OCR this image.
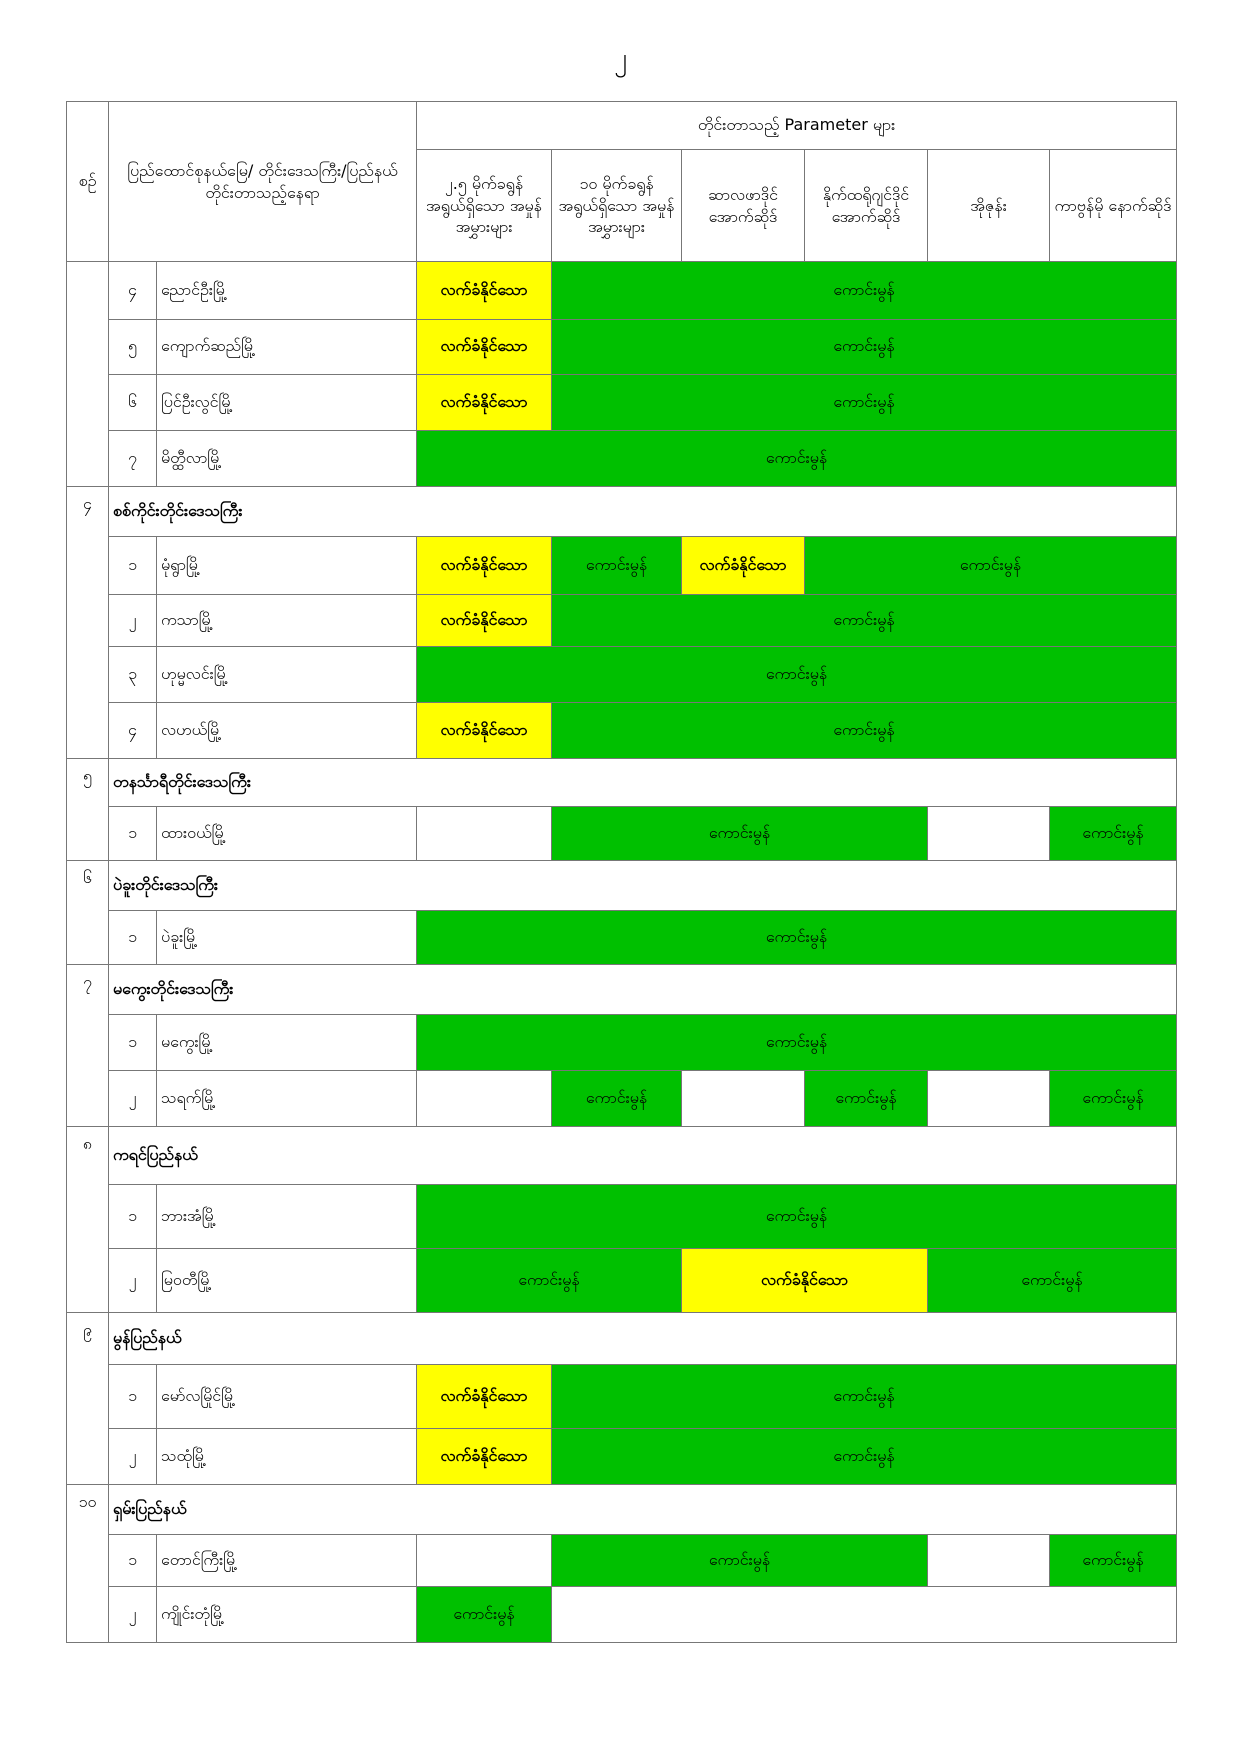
၂
စဉ်	ပြည်ထောင်စုနယ်မြေ/ တိုင်းဒေသကြီး/ပြည်နယ် တိုင်းတာသည့်နေရာ		တိုင်းတာသည့် Parameter များ					
			၂.၅ မိုက်ခရွန် အရွယ်ရှိသော အမှုန်အမွှားများ	၁၀ မိုက်ခရွန် အရွယ်ရှိသော အမှုန်အမွှားများ	ဆာလဖာဒိုင် အောက်ဆိုဒ်	နိုက်ထရိုဂျင်ဒိုင် အောက်ဆိုဒ်	အိုဇုန်း	ကာဗွန်မို နောက်ဆိုဒ်
	၄	ညောင်ဦးမြို့	လက်ခံနိုင်သော	ကောင်းမွန်				
	၅	ကျောက်ဆည်မြို့	လက်ခံနိုင်သော	ကောင်းမွန်				
	၆	ပြင်ဦးလွင်မြို့	လက်ခံနိုင်သော	ကောင်းမွန်				
	၇	မိတ္ထီလာမြို့	ကောင်းမွန်					
၄	စစ်ကိုင်းတိုင်းဒေသကြီး							
	၁	မုံရွာမြို့	လက်ခံနိုင်သော	ကောင်းမွန်	လက်ခံနိုင်သော	ကောင်းမွန်		
	၂	ကသာမြို့	လက်ခံနိုင်သော	ကောင်းမွန်				
	၃	ဟုမ္မလင်းမြို့	ကောင်းမွန်					
	၄	လဟယ်မြို့	လက်ခံနိုင်သော	ကောင်းမွန်				
၅	တနင်္သာရီတိုင်းဒေသကြီး							
	၁	ထားဝယ်မြို့		ကောင်းမွန်				ကောင်းမွန်
၆	ပဲခူးတိုင်းဒေသကြီး							
	၁	ပဲခူးမြို့	ကောင်းမွန်					
၇	မကွေးတိုင်းဒေသကြီး							
	၁	မကွေးမြို့	ကောင်းမွန်					
	၂	သရက်မြို့		ကောင်းမွန်		ကောင်းမွန်		ကောင်းမွန်
၈	ကရင်ပြည်နယ်							
	၁	ဘားအံမြို့	ကောင်းမွန်					
	၂	မြဝတီမြို့	ကောင်းမွန်		လက်ခံနိုင်သော		ကောင်းမွန်	
၉	မွန်ပြည်နယ်							
	၁	မော်လမြိုင်မြို့	လက်ခံနိုင်သော	ကောင်းမွန်				
	၂	သထုံမြို့	လက်ခံနိုင်သော	ကောင်းမွန်				
၁၀	ရှမ်းပြည်နယ်							
	၁	တောင်ကြီးမြို့		ကောင်းမွန်				ကောင်းမွန်
	၂	ကျိုင်းတုံမြို့	ကောင်းမွန်					
